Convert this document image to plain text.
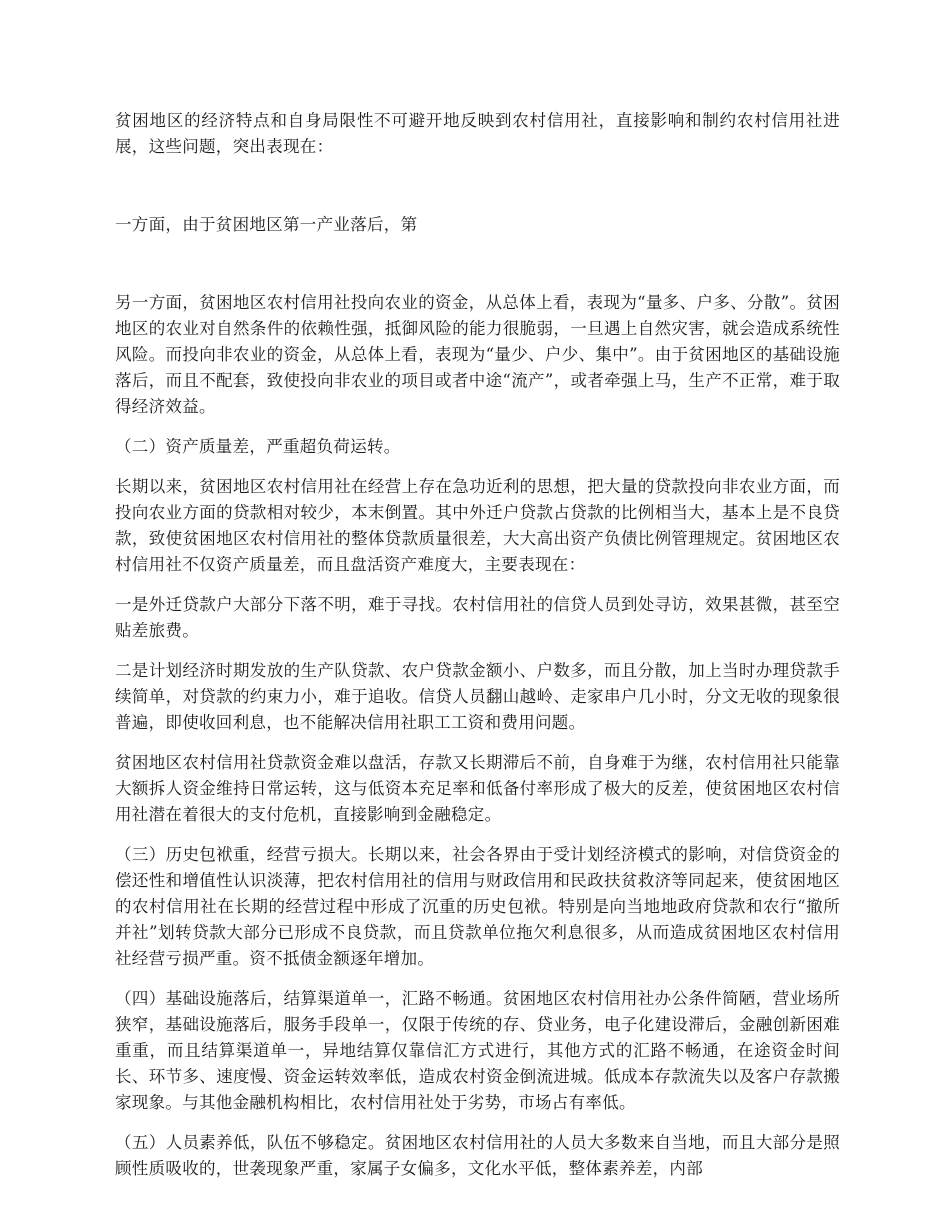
贫困地区的经济特点和自身局限性不可避开地反映到农村信用社，直接影响和制约农村信用社进展，这些问题，突出表现在：

一方面，由于贫困地区第一产业落后，第

另一方面，贫困地区农村信用社投向农业的资金，从总体上看，表现为“量多、户多、分散”。贫困地区的农业对自然条件的依赖性强，抵御风险的能力很脆弱，一旦遇上自然灾害，就会造成系统性风险。而投向非农业的资金，从总体上看，表现为“量少、户少、集中”。由于贫困地区的基础设施落后，而且不配套，致使投向非农业的项目或者中途“流产”，或者牵强上马，生产不正常，难于取得经济效益。

（二）资产质量差，严重超负荷运转。

长期以来，贫困地区农村信用社在经营上存在急功近利的思想，把大量的贷款投向非农业方面，而投向农业方面的贷款相对较少，本末倒置。其中外迁户贷款占贷款的比例相当大，基本上是不良贷款，致使贫困地区农村信用社的整体贷款质量很差，大大高出资产负债比例管理规定。贫困地区农村信用社不仅资产质量差，而且盘活资产难度大，主要表现在：

一是外迁贷款户大部分下落不明，难于寻找。农村信用社的信贷人员到处寻访，效果甚微，甚至空贴差旅费。

二是计划经济时期发放的生产队贷款、农户贷款金额小、户数多，而且分散，加上当时办理贷款手续简单，对贷款的约束力小，难于追收。信贷人员翻山越岭、走家串户几小时，分文无收的现象很普遍，即使收回利息，也不能解决信用社职工工资和费用问题。

贫困地区农村信用社贷款资金难以盘活，存款又长期滞后不前，自身难于为继，农村信用社只能靠大额拆人资金维持日常运转，这与低资本充足率和低备付率形成了极大的反差，使贫困地区农村信用社潜在着很大的支付危机，直接影响到金融稳定。

（三）历史包袱重，经营亏损大。长期以来，社会各界由于受计划经济模式的影响，对信贷资金的偿还性和增值性认识淡薄，把农村信用社的信用与财政信用和民政扶贫救济等同起来，使贫困地区的农村信用社在长期的经营过程中形成了沉重的历史包袱。特别是向当地地政府贷款和农行“撤所并社”划转贷款大部分已形成不良贷款，而且贷款单位拖欠利息很多，从而造成贫困地区农村信用社经营亏损严重。资不抵债金额逐年增加。

（四）基础设施落后，结算渠道单一，汇路不畅通。贫困地区农村信用社办公条件简陋，营业场所狭窄，基础设施落后，服务手段单一，仅限于传统的存、贷业务，电子化建设滞后，金融创新困难重重，而且结算渠道单一，异地结算仅靠信汇方式进行，其他方式的汇路不畅通，在途资金时间长、环节多、速度慢、资金运转效率低，造成农村资金倒流进城。低成本存款流失以及客户存款搬家现象。与其他金融机构相比，农村信用社处于劣势，市场占有率低。

（五）人员素养低，队伍不够稳定。贫困地区农村信用社的人员大多数来自当地，而且大部分是照顾性质吸收的，世袭现象严重，家属子女偏多，文化水平低，整体素养差，内部
